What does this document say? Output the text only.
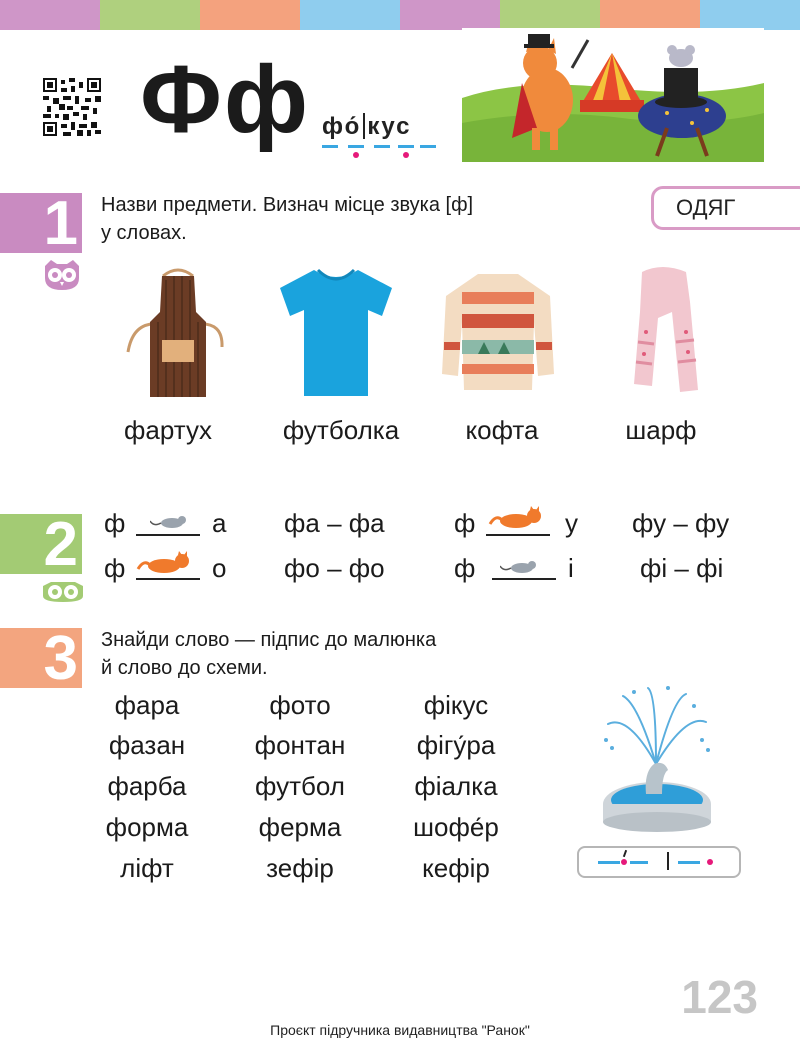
Фф фо́ кус
1 Назви предмети. Визнач місце звука [ф]
у словах.
ОДЯГ
фартух	футболка	кофта	шарф
2 ф	а фа – фа	ф	у фу – фу
ф	о фо – фо	ф	і	фі – фі
3 Знайди слово — підпис до малюнка
й слово до схеми.
фара
фазан
фарба
форма
ліфт
фото
фонтан
футбол
ферма
зефір
фікус
фігу́ра
фіалка
шофе́р
кефір
123
Проєкт підручника видавництва "Ранок"
